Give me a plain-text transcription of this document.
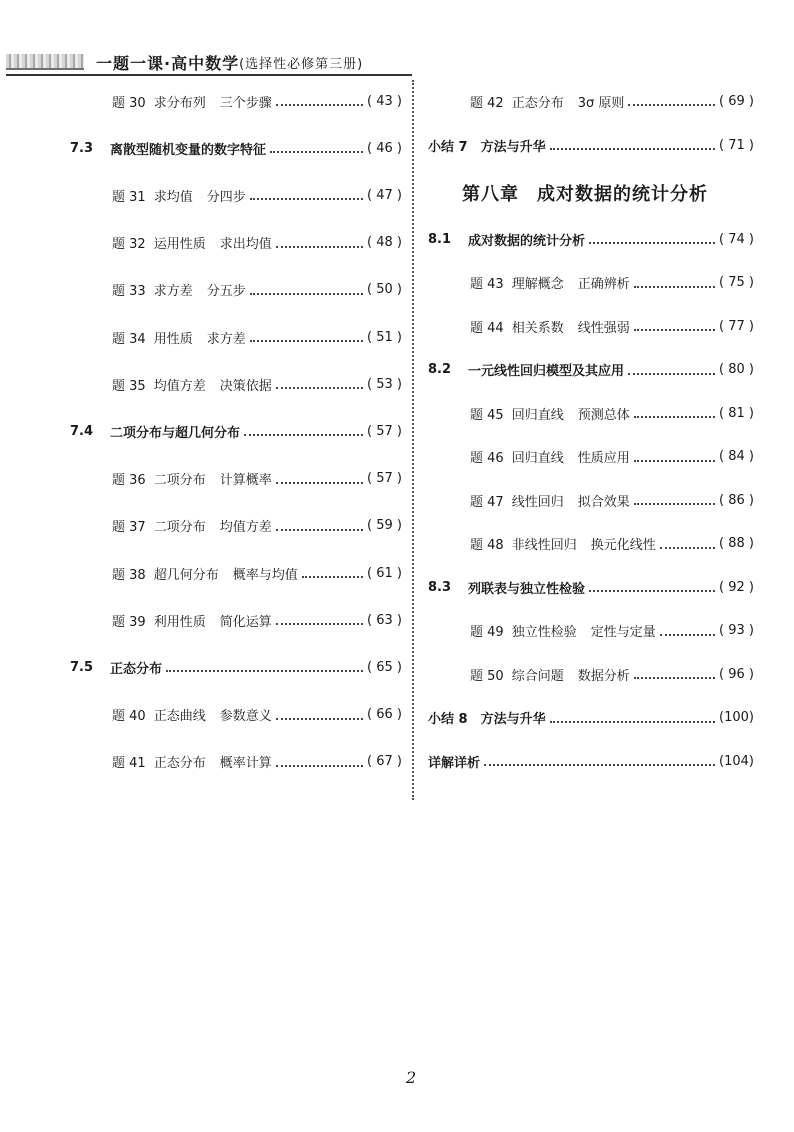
一题一课·高中数学 (选择性必修第三册)
题 30 求分布列 三个步骤	( 43 )
7.3	离散型随机变量的数字特征	( 46 )
题 31 求均值 分四步	( 47 )
题 32 运用性质 求出均值	( 48 )
题 33 求方差 分五步	( 50 )
题 34 用性质 求方差	( 51 )
题 35 均值方差 决策依据	( 53 )
7.4	二项分布与超几何分布	( 57 )
题 36 二项分布 计算概率	( 57 )
题 37 二项分布 均值方差	( 59 )
题 38 超几何分布 概率与均值	( 61 )
题 39 利用性质 简化运算	( 63 )
7.5	正态分布	( 65 )
题 40 正态曲线 参数意义	( 66 )
题 41 正态分布 概率计算	( 67 )
题 42 正态分布 3σ 原则	( 69 )
小结 7　方法与升华	( 71 )
第八章 成对数据的统计分析
8.1	成对数据的统计分析	( 74 )
题 43 理解概念 正确辨析	( 75 )
题 44 相关系数 线性强弱	( 77 )
8.2	一元线性回归模型及其应用	( 80 )
题 45 回归直线 预测总体	( 81 )
题 46 回归直线 性质应用	( 84 )
题 47 线性回归 拟合效果	( 86 )
题 48 非线性回归 换元化线性	( 88 )
8.3	列联表与独立性检验	( 92 )
题 49 独立性检验 定性与定量	( 93 )
题 50 综合问题 数据分析	( 96 )
小结 8　方法与升华	(100)
详解详析	(104)
2
